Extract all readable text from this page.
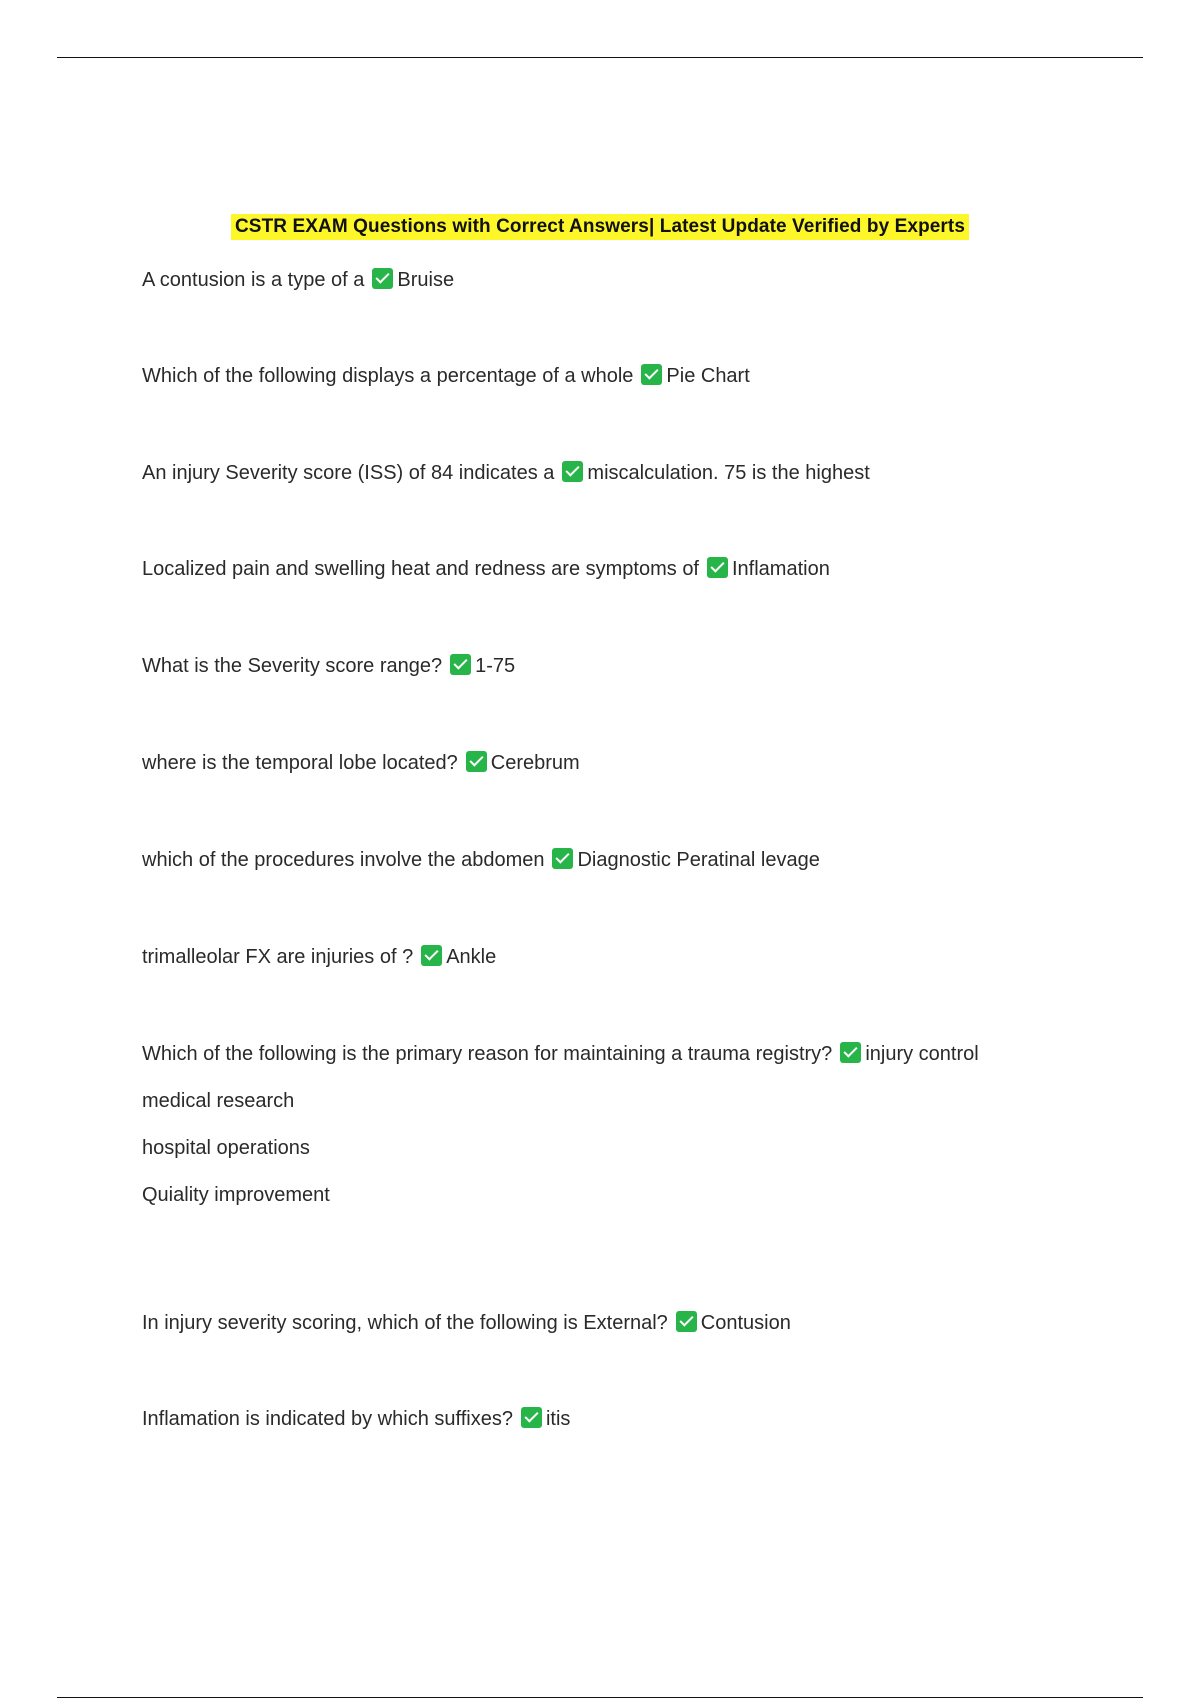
CSTR EXAM Questions with Correct Answers| Latest Update Verified by Experts
A contusion is a type of a Bruise
Which of the following displays a percentage of a whole Pie Chart
An injury Severity score (ISS) of 84 indicates a miscalculation. 75 is the highest
Localized pain and swelling heat and redness are symptoms of Inflamation
What is the Severity score range? 1-75
where is the temporal lobe located? Cerebrum
which of the procedures involve the abdomen Diagnostic Peratinal levage
trimalleolar FX are injuries of ? Ankle
Which of the following is the primary reason for maintaining a trauma registry? injury control
medical research
hospital operations
Quiality improvement
In injury severity scoring, which of the following is External? Contusion
Inflamation is indicated by which suffixes? itis
